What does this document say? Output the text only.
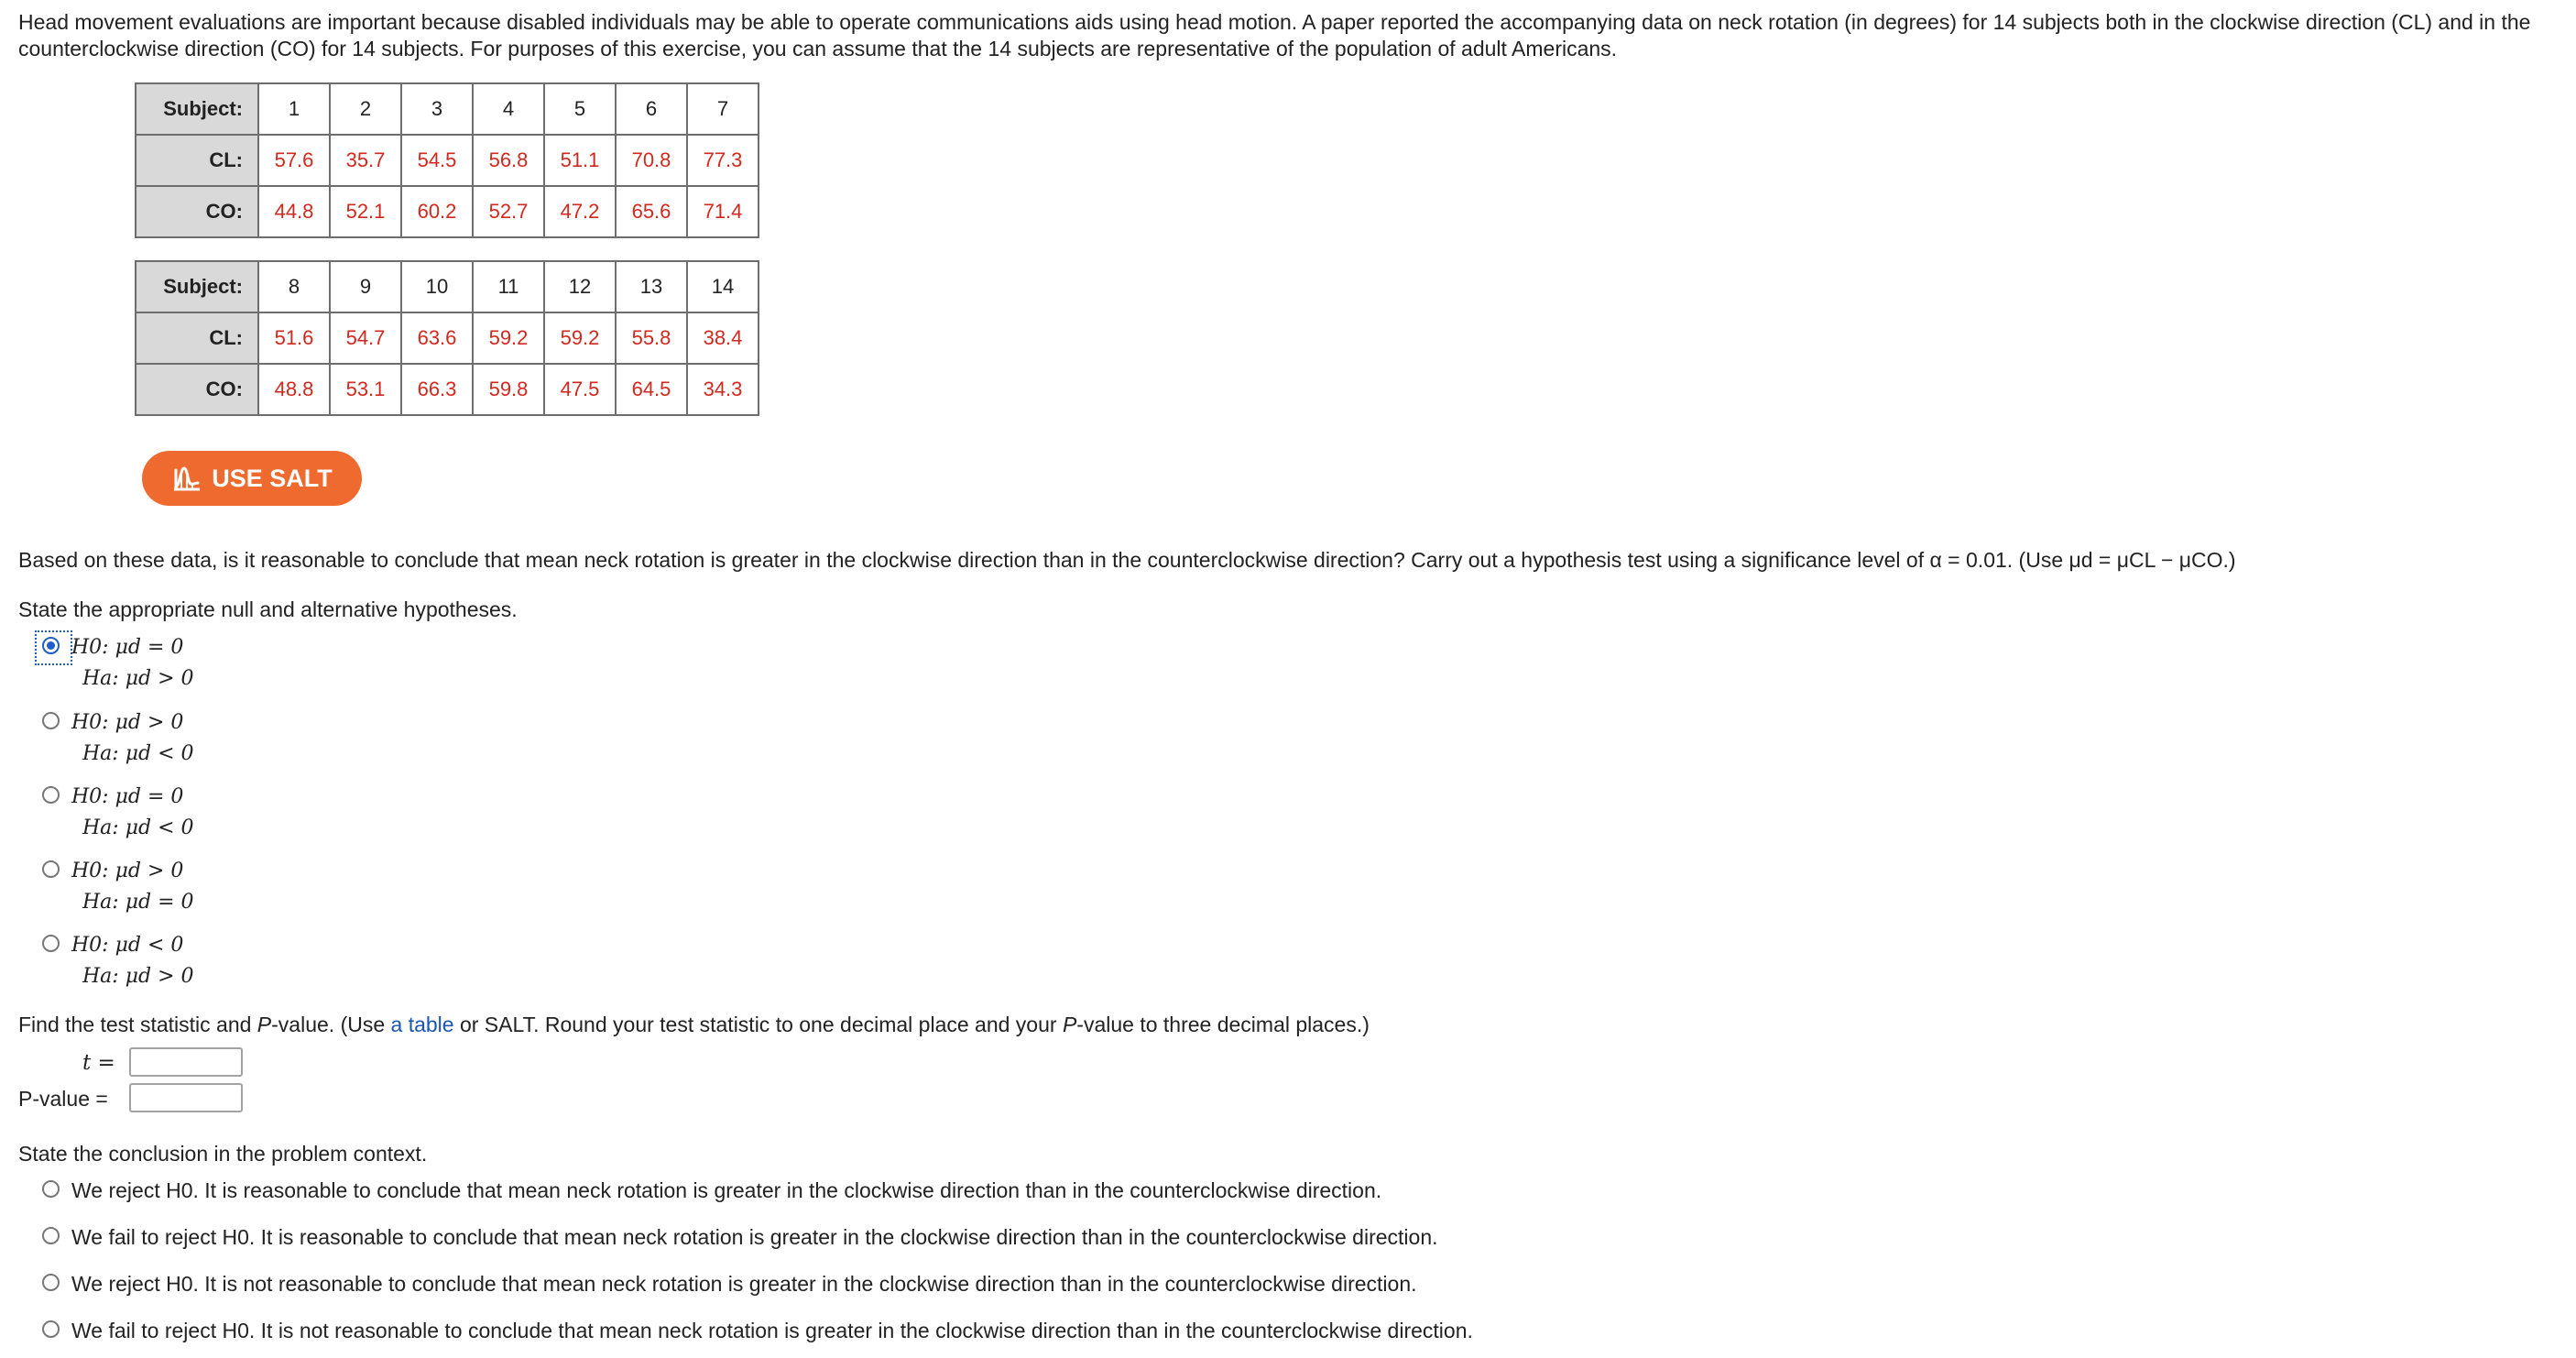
Head movement evaluations are important because disabled individuals may be able to operate communications aids using head motion. A paper reported the accompanying data on neck rotation (in degrees) for 14 subjects both in the clockwise direction (CL) and in the counterclockwise direction (CO) for 14 subjects. For purposes of this exercise, you can assume that the 14 subjects are representative of the population of adult Americans.

Subject:	1	2	3	4	5	6	7
CL:	57.6	35.7	54.5	56.8	51.1	70.8	77.3
CO:	44.8	52.1	60.2	52.7	47.2	65.6	71.4
Subject:	8	9	10	11	12	13	14
CL:	51.6	54.7	63.6	59.2	59.2	55.8	38.4
CO:	48.8	53.1	66.3	59.8	47.5	64.5	34.3
USE SALT

Based on these data, is it reasonable to conclude that mean neck rotation is greater in the clockwise direction than in the counterclockwise direction? Carry out a hypothesis test using a significance level of α = 0.01. (Use μd = μCL − μCO.)

State the appropriate null and alternative hypotheses.

H0: μd = 0
Ha: μd > 0
H0: μd > 0
Ha: μd < 0
H0: μd = 0
Ha: μd < 0
H0: μd > 0
Ha: μd = 0
H0: μd < 0
Ha: μd > 0

Find the test statistic and P-value. (Use a table or SALT. Round your test statistic to one decimal place and your P-value to three decimal places.)

t =
P-value =

State the conclusion in the problem context.

We reject H0. It is reasonable to conclude that mean neck rotation is greater in the clockwise direction than in the counterclockwise direction.
We fail to reject H0. It is reasonable to conclude that mean neck rotation is greater in the clockwise direction than in the counterclockwise direction.
We reject H0. It is not reasonable to conclude that mean neck rotation is greater in the clockwise direction than in the counterclockwise direction.
We fail to reject H0. It is not reasonable to conclude that mean neck rotation is greater in the clockwise direction than in the counterclockwise direction.
